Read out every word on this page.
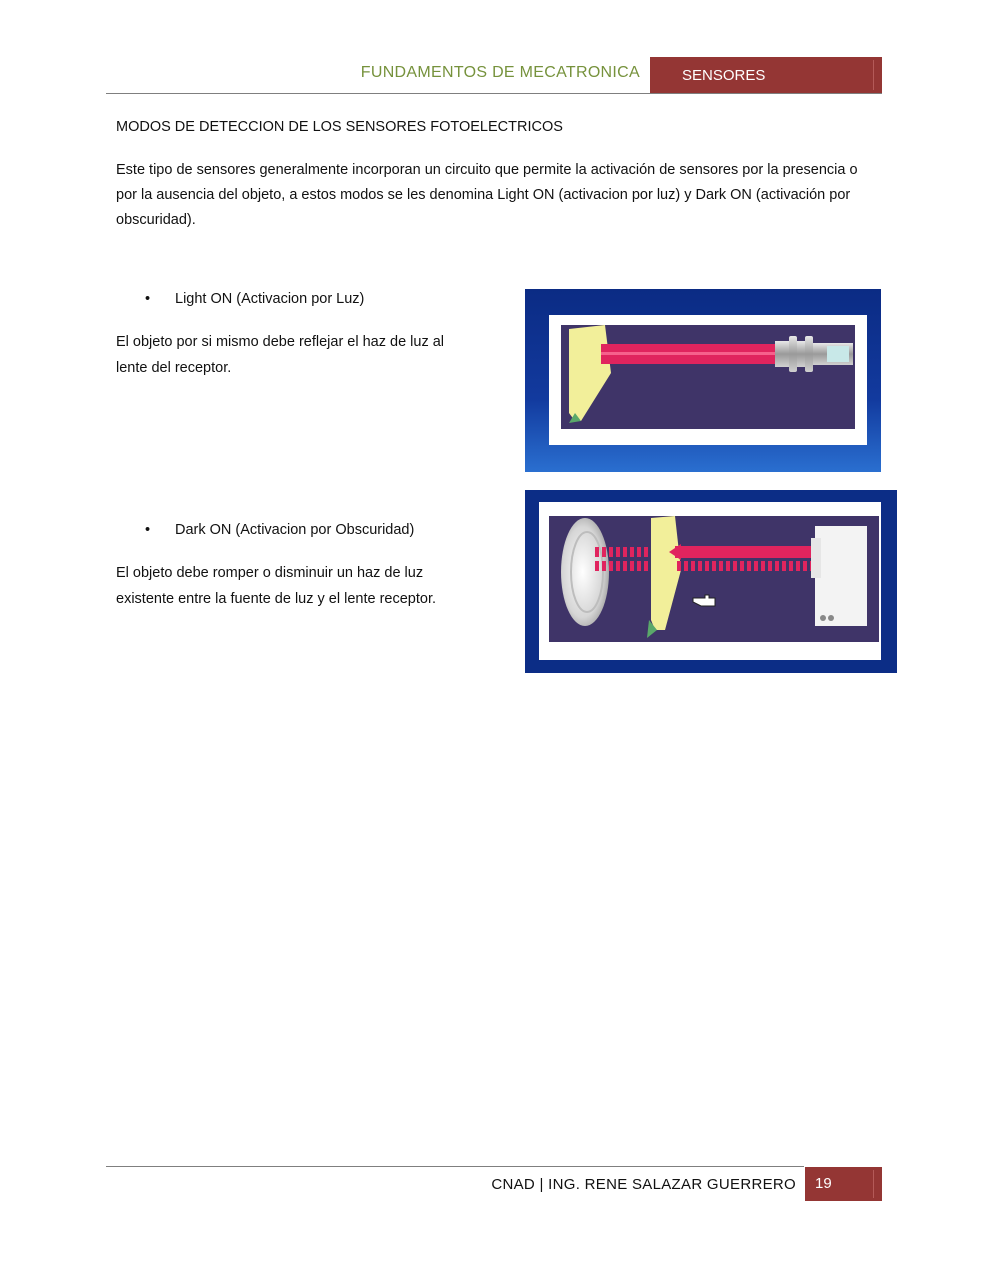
FUNDAMENTOS DE MECATRONICA	SENSORES
MODOS DE DETECCION DE LOS SENSORES FOTOELECTRICOS
Este tipo de sensores generalmente incorporan un circuito que permite la activación de sensores por la presencia o por la ausencia del objeto, a estos modos se les denomina Light ON (activacion por luz) y Dark ON (activación por obscuridad).
• Light ON (Activacion por Luz)
El objeto por si mismo debe reflejar el haz de luz al lente del receptor.
• Dark ON (Activacion por Obscuridad)
El objeto debe romper o disminuir un haz de luz existente entre la fuente de luz y el lente receptor.
CNAD | ING. RENE SALAZAR GUERRERO	19
